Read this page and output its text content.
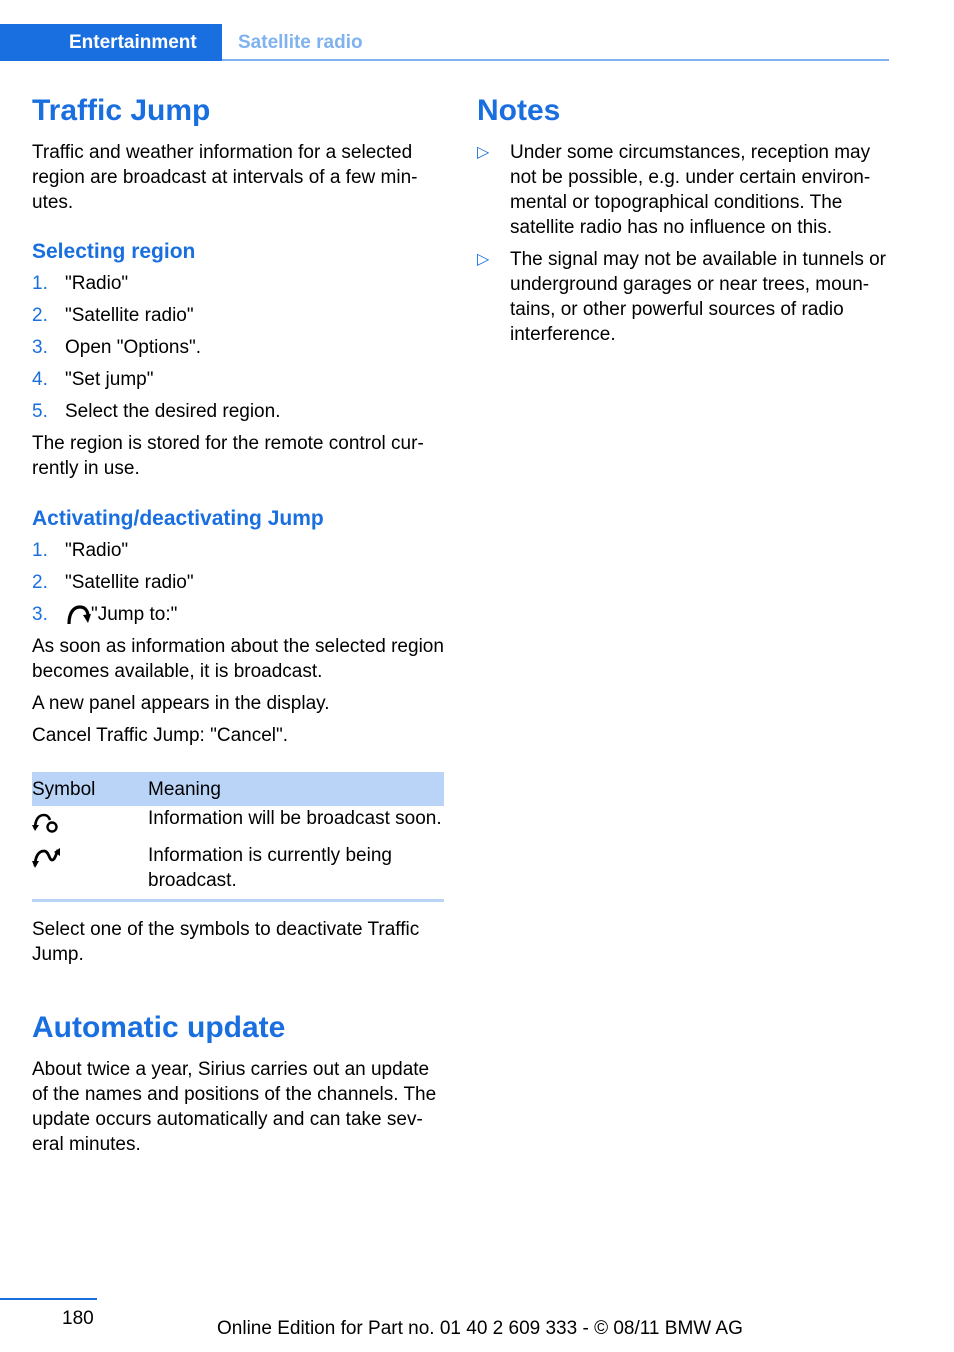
Entertainment	Satellite radio
Traffic Jump

Traffic and weather information for a selected region are broadcast at intervals of a few minutes.

Selecting region
1. "Radio"
2. "Satellite radio"
3. Open "Options".
4. "Set jump"
5. Select the desired region.

The region is stored for the remote control currently in use.

Activating/deactivating Jump
1. "Radio"
2. "Satellite radio"
3. "Jump to:"

As soon as information about the selected region becomes available, it is broadcast.

A new panel appears in the display.

Cancel Traffic Jump: "Cancel".

Symbol	Meaning
	Information will be broadcast soon.
	Information is currently being broadcast.

Select one of the symbols to deactivate Traffic Jump.

Automatic update

About twice a year, Sirius carries out an update of the names and positions of the channels. The update occurs automatically and can take several minutes.

Notes
▷ Under some circumstances, reception may not be possible, e.g. under certain environmental or topographical conditions. The satellite radio has no influence on this.
▷ The signal may not be available in tunnels or underground garages or near trees, mountains, or other powerful sources of radio interference.
180	Online Edition for Part no. 01 40 2 609 333 - © 08/11 BMW AG
